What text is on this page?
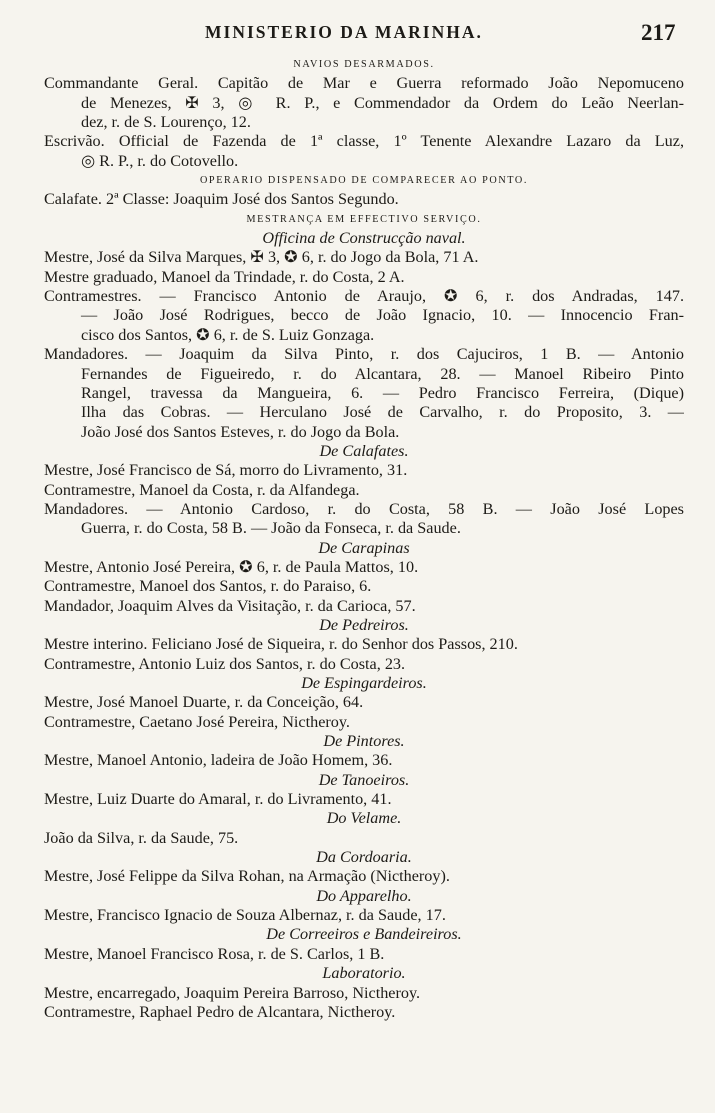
MINISTERIO DA MARINHA.	217
NAVIOS DESARMADOS.
Commandante Geral. Capitão de Mar e Guerra reformado João Nepomuceno
de Menezes, ✠ 3, ◎ R. P., e Commendador da Ordem do Leão Neerlan-
dez, r. de S. Lourenço, 12.
Escrivão. Official de Fazenda de 1ª classe, 1º Tenente Alexandre Lazaro da Luz,
◎ R. P., r. do Cotovello.
OPERARIO DISPENSADO DE COMPARECER AO PONTO.
Calafate. 2ª Classe: Joaquim José dos Santos Segundo.
MESTRANÇA EM EFFECTIVO SERVIÇO.
Officina de Construcção naval.
Mestre, José da Silva Marques, ✠ 3, ✪ 6, r. do Jogo da Bola, 71 A.
Mestre graduado, Manoel da Trindade, r. do Costa, 2 A.
Contramestres. — Francisco Antonio de Araujo, ✪ 6, r. dos Andradas, 147.
— João José Rodrigues, becco de João Ignacio, 10. — Innocencio Fran-
cisco dos Santos, ✪ 6, r. de S. Luiz Gonzaga.
Mandadores. — Joaquim da Silva Pinto, r. dos Cajuciros, 1 B. — Antonio
Fernandes de Figueiredo, r. do Alcantara, 28. — Manoel Ribeiro Pinto
Rangel, travessa da Mangueira, 6. — Pedro Francisco Ferreira, (Dique)
Ilha das Cobras. — Herculano José de Carvalho, r. do Proposito, 3. —
João José dos Santos Esteves, r. do Jogo da Bola.
De Calafates.
Mestre, José Francisco de Sá, morro do Livramento, 31.
Contramestre, Manoel da Costa, r. da Alfandega.
Mandadores. — Antonio Cardoso, r. do Costa, 58 B. — João José Lopes
Guerra, r. do Costa, 58 B. — João da Fonseca, r. da Saude.
De Carapinas
Mestre, Antonio José Pereira, ✪ 6, r. de Paula Mattos, 10.
Contramestre, Manoel dos Santos, r. do Paraiso, 6.
Mandador, Joaquim Alves da Visitação, r. da Carioca, 57.
De Pedreiros.
Mestre interino. Feliciano José de Siqueira, r. do Senhor dos Passos, 210.
Contramestre, Antonio Luiz dos Santos, r. do Costa, 23.
De Espingardeiros.
Mestre, José Manoel Duarte, r. da Conceição, 64.
Contramestre, Caetano José Pereira, Nictheroy.
De Pintores.
Mestre, Manoel Antonio, ladeira de João Homem, 36.
De Tanoeiros.
Mestre, Luiz Duarte do Amaral, r. do Livramento, 41.
Do Velame.
João da Silva, r. da Saude, 75.
Da Cordoaria.
Mestre, José Felippe da Silva Rohan, na Armação (Nictheroy).
Do Apparelho.
Mestre, Francisco Ignacio de Souza Albernaz, r. da Saude, 17.
De Correeiros e Bandeireiros.
Mestre, Manoel Francisco Rosa, r. de S. Carlos, 1 B.
Laboratorio.
Mestre, encarregado, Joaquim Pereira Barroso, Nictheroy.
Contramestre, Raphael Pedro de Alcantara, Nictheroy.
